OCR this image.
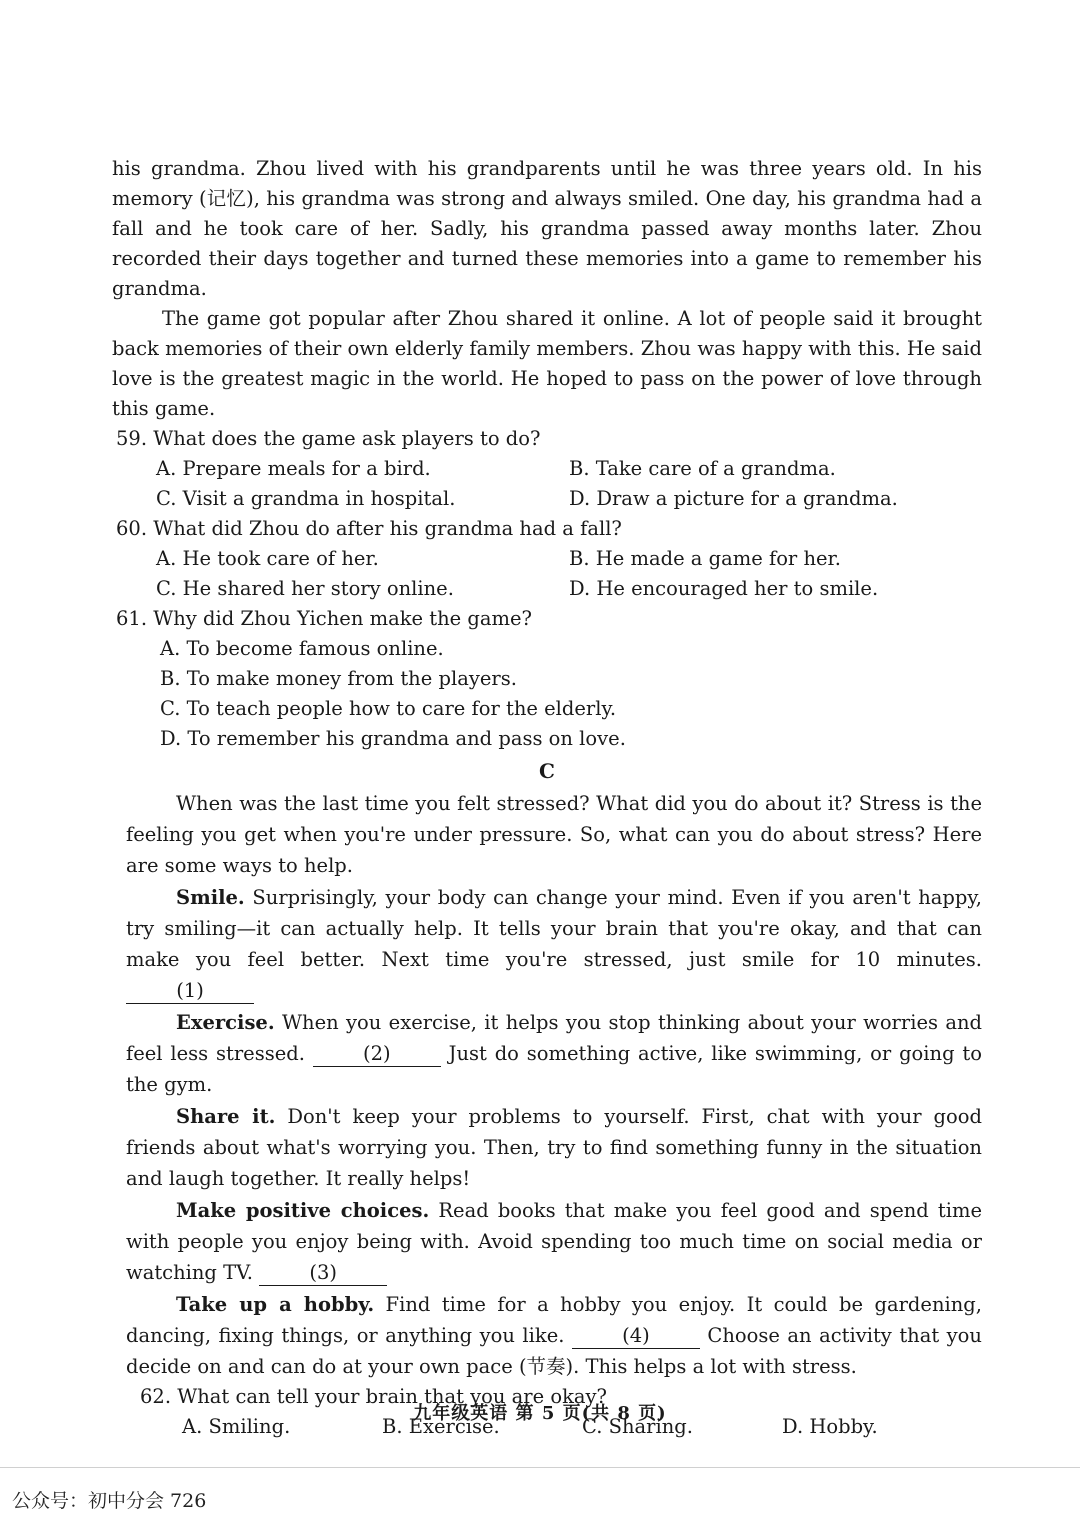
his grandma. Zhou lived with his grandparents until he was three years old. In his memory (记忆), his grandma was strong and always smiled. One day, his grandma had a fall and he took care of her. Sadly, his grandma passed away months later. Zhou recorded their days together and turned these memories into a game to remember his grandma.

The game got popular after Zhou shared it online. A lot of people said it brought back memories of their own elderly family members. Zhou was happy with this. He said love is the greatest magic in the world. He hoped to pass on the power of love through this game.

59. What does the game ask players to do?

A. Prepare meals for a bird.	B. Take care of a grandma.
C. Visit a grandma in hospital.	D. Draw a picture for a grandma.

60. What did Zhou do after his grandma had a fall?

A. He took care of her.	B. He made a game for her.
C. He shared her story online.	D. He encouraged her to smile.

61. Why did Zhou Yichen make the game?

A. To become famous online.

B. To make money from the players.

C. To teach people how to care for the elderly.

D. To remember his grandma and pass on love.

C

When was the last time you felt stressed? What did you do about it? Stress is the feeling you get when you're under pressure. So, what can you do about stress? Here are some ways to help.

Smile. Surprisingly, your body can change your mind. Even if you aren't happy, try smiling—it can actually help. It tells your brain that you're okay, and that can make you feel better. Next time you're stressed, just smile for 10 minutes. (1)

Exercise. When you exercise, it helps you stop thinking about your worries and feel less stressed.	(2)	Just do something active, like swimming, or going to the gym.

Share it. Don't keep your problems to yourself. First, chat with your good friends about what's worrying you. Then, try to find something funny in the situation and laugh together. It really helps!

Make positive choices. Read books that make you feel good and spend time with people you enjoy being with. Avoid spending too much time on social media or watching TV.	(3)

Take up a hobby. Find time for a hobby you enjoy. It could be gardening, dancing, fixing things, or anything you like.	(4)	Choose an activity that you decide on and can do at your own pace (节奏). This helps a lot with stress.

62. What can tell your brain that you are okay?

A. Smiling.	B. Exercise.	C. Sharing.	D. Hobby.
九年级英语 第 5 页(共 8 页)
公众号：初中分会 726
